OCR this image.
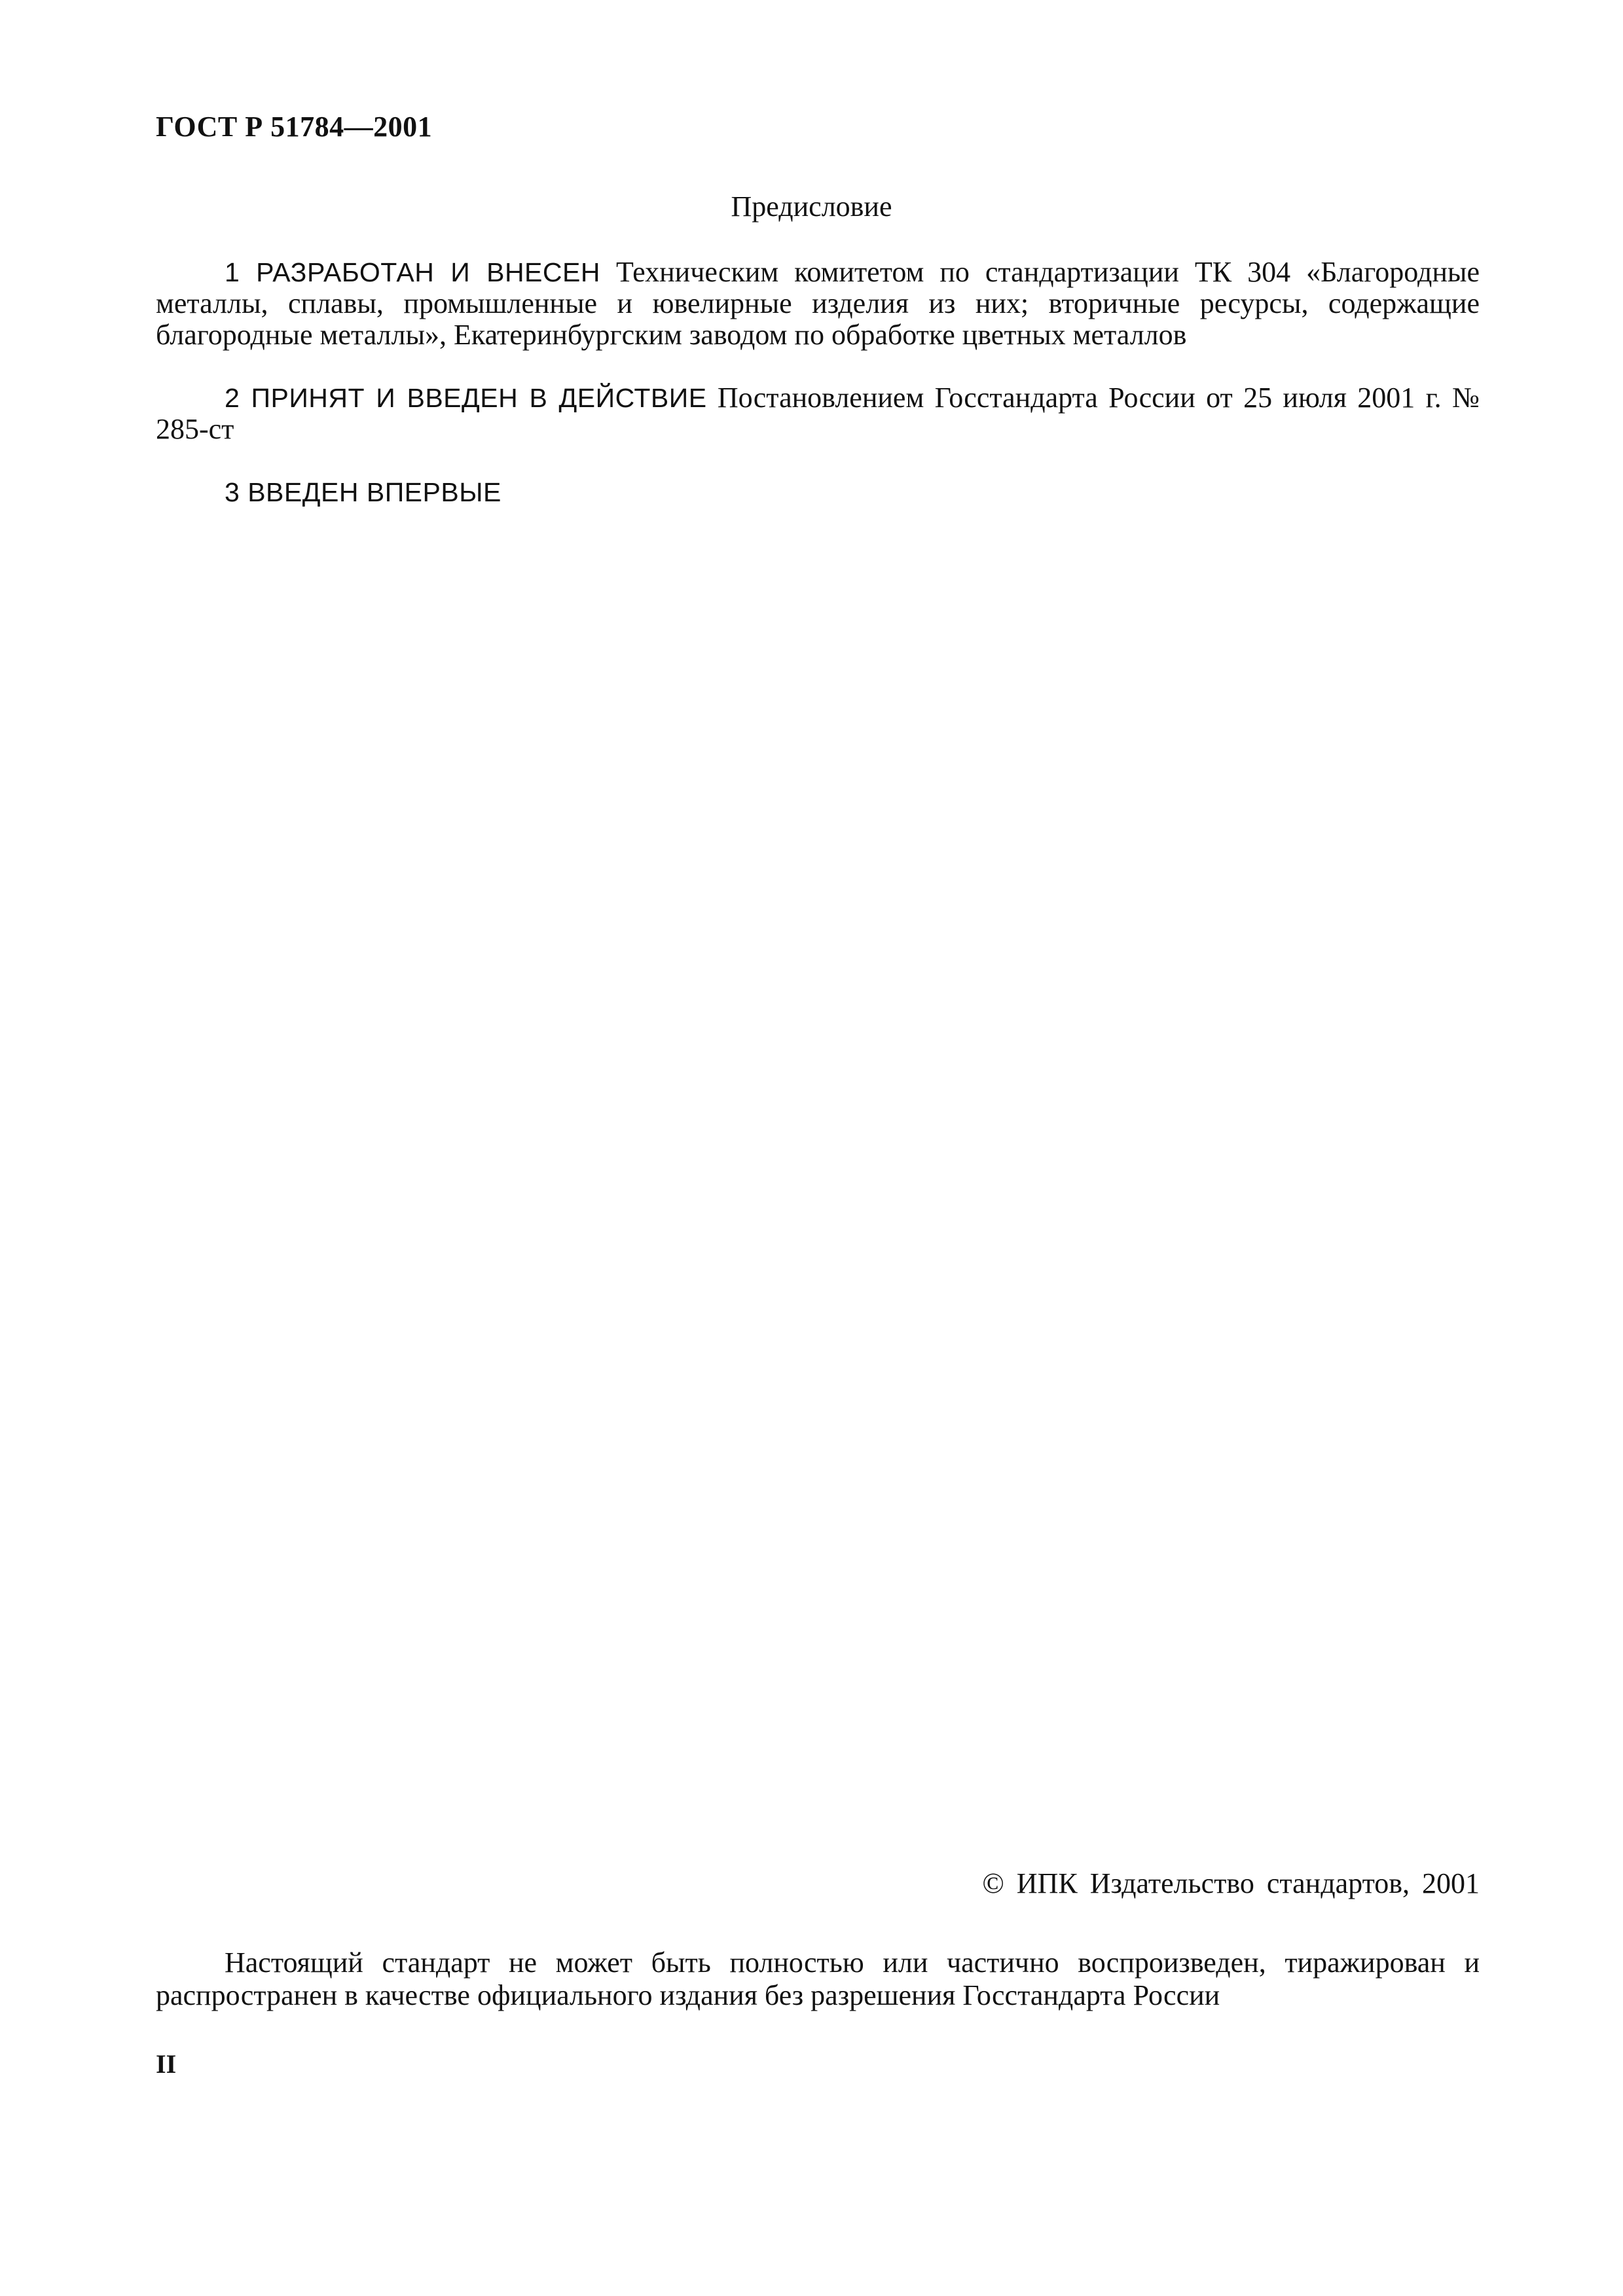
ГОСТ Р 51784—2001
Предисловие

1 РАЗРАБОТАН И ВНЕСЕН Техническим комитетом по стандартизации ТК 304 «Благородные металлы, сплавы, промышленные и ювелирные изделия из них; вторичные ресурсы, содержащие благородные металлы», Екатеринбургским заводом по обработке цветных металлов

2 ПРИНЯТ И ВВЕДЕН В ДЕЙСТВИЕ Постановлением Госстандарта России от 25 июля 2001 г. № 285-ст

3 ВВЕДЕН ВПЕРВЫЕ

© ИПК Издательство стандартов, 2001

Настоящий стандарт не может быть полностью или частично воспроизведен, тиражирован и распространен в качестве официального издания без разрешения Госстандарта России

II
